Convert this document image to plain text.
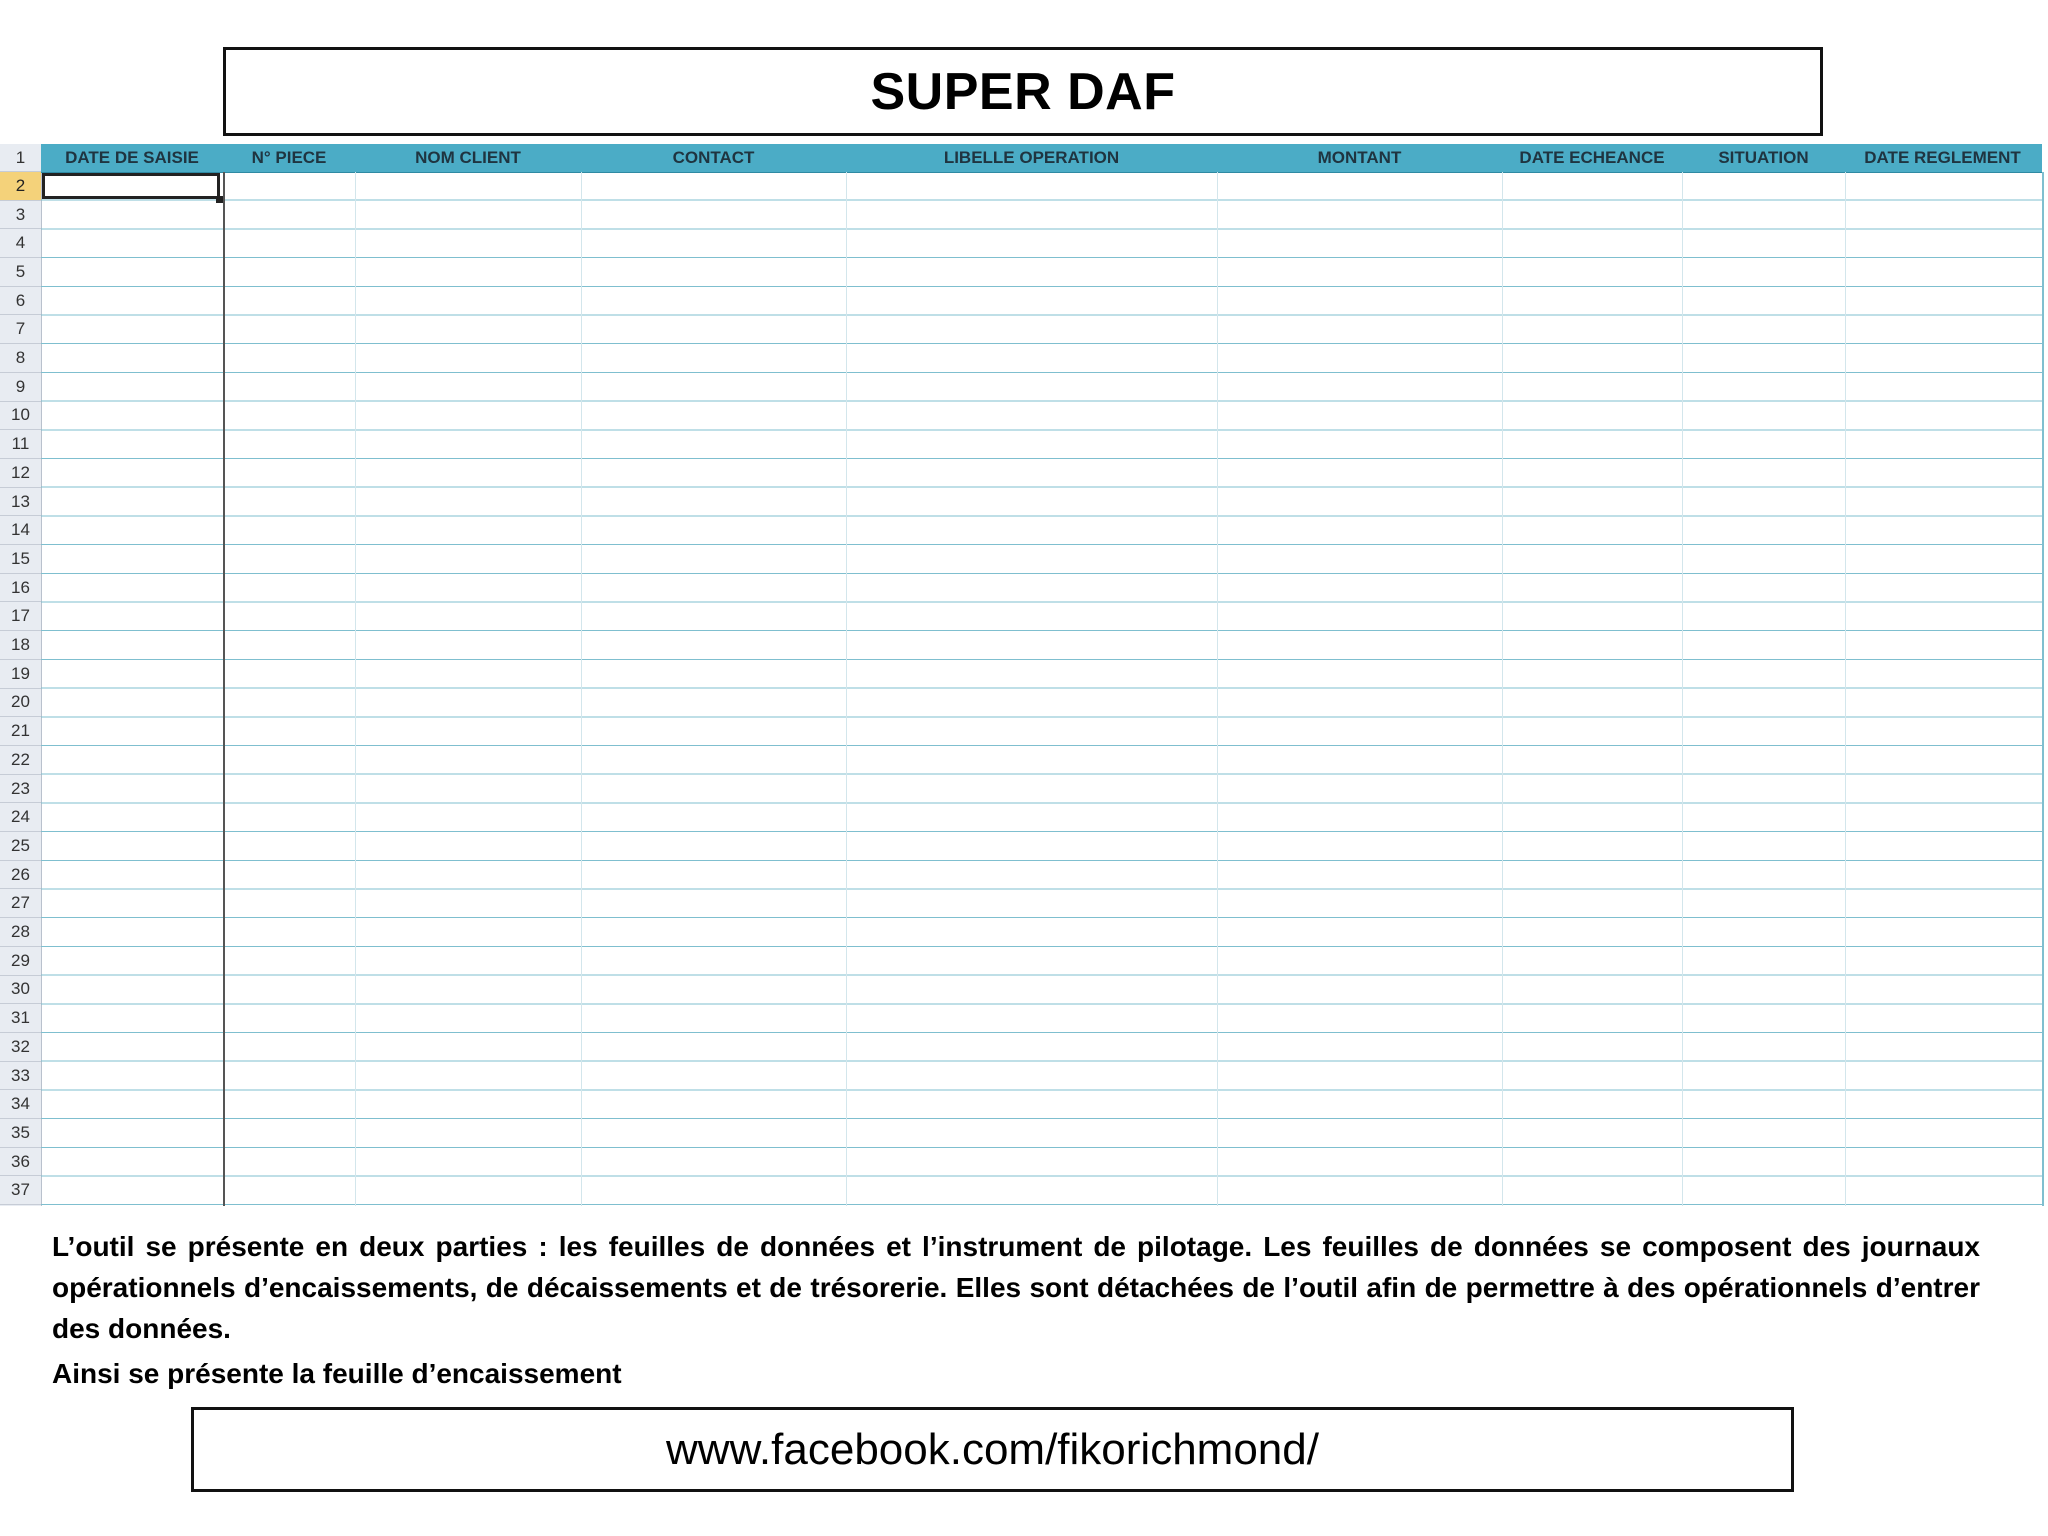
SUPER DAF
1
2
3
4
5
6
7
8
9
10
11
12
13
14
15
16
17
18
19
20
21
22
23
24
25
26
27
28
29
30
31
32
33
34
35
36
37
DATE DE SAISIE	N° PIECE	NOM CLIENT	CONTACT	LIBELLE OPERATION	MONTANT	DATE ECHEANCE	SITUATION	DATE REGLEMENT
L’outil se présente en deux parties : les feuilles de données et l’instrument de pilotage. Les feuilles de données se composent des journaux opérationnels d’encaissements, de décaissements et de trésorerie. Elles sont détachées de l’outil afin de permettre à des opérationnels d’entrer des données.
Ainsi se présente la feuille d’encaissement
www.facebook.com/fikorichmond/
